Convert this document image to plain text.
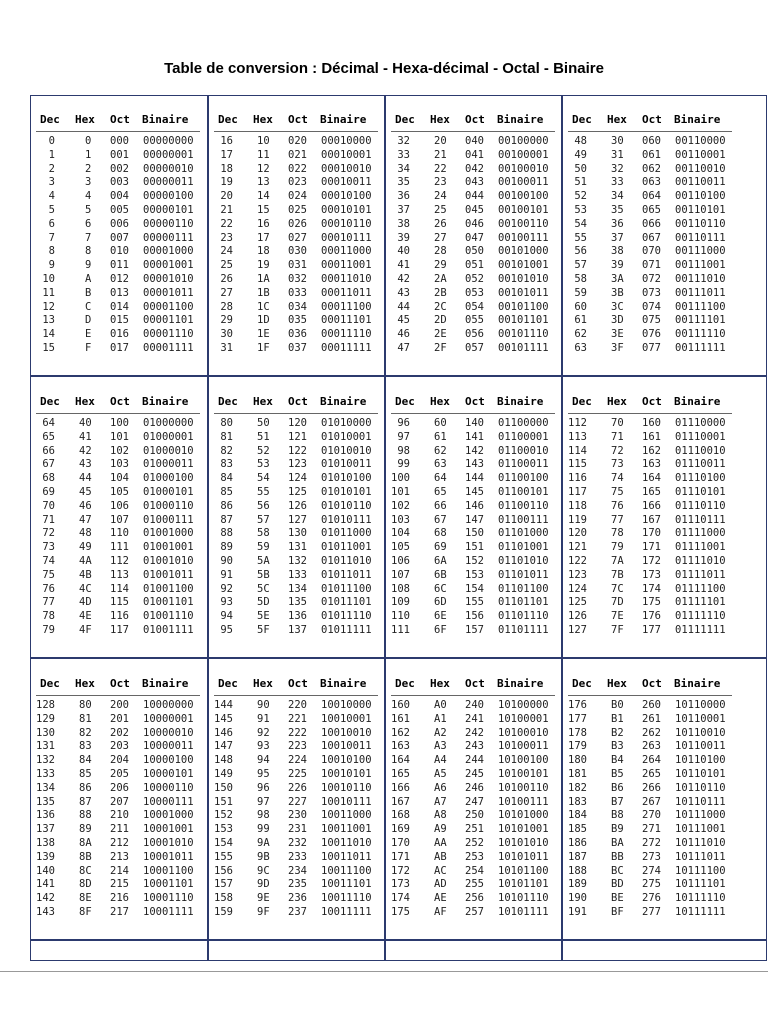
Table de conversion : Décimal - Hexa-décimal - Octal - Binaire
Dec Hex Oct Binaire
0	0 000 00000000
1	1 001 00000001
2	2 002 00000010
3	3 003 00000011
4	4 004 00000100
5	5 005 00000101
6	6 006 00000110
7	7 007 00000111
8	8 010 00001000
9	9 011 00001001
10	A 012 00001010
11	B 013 00001011
12	C 014 00001100
13	D 015 00001101
14	E 016 00001110
15	F 017 00001111
Dec Hex Oct Binaire
16 10 020 00010000
17 11 021 00010001
18 12 022 00010010
19 13 023 00010011
20 14 024 00010100
21 15 025 00010101
22 16 026 00010110
23 17 027 00010111
24 18 030 00011000
25 19 031 00011001
26 1A 032 00011010
27 1B 033 00011011
28 1C 034 00011100
29 1D 035 00011101
30 1E 036 00011110
31 1F 037 00011111
Dec Hex Oct Binaire
32 20 040 00100000
33 21 041 00100001
34 22 042 00100010
35 23 043 00100011
36 24 044 00100100
37 25 045 00100101
38 26 046 00100110
39 27 047 00100111
40 28 050 00101000
41 29 051 00101001
42 2A 052 00101010
43 2B 053 00101011
44 2C 054 00101100
45 2D 055 00101101
46 2E 056 00101110
47 2F 057 00101111
Dec Hex Oct Binaire
48 30 060 00110000
49 31 061 00110001
50 32 062 00110010
51 33 063 00110011
52 34 064 00110100
53 35 065 00110101
54 36 066 00110110
55 37 067 00110111
56 38 070 00111000
57 39 071 00111001
58 3A 072 00111010
59 3B 073 00111011
60 3C 074 00111100
61 3D 075 00111101
62 3E 076 00111110
63 3F 077 00111111
Dec Hex Oct Binaire
64 40 100 01000000
65 41 101 01000001
66 42 102 01000010
67 43 103 01000011
68 44 104 01000100
69 45 105 01000101
70 46 106 01000110
71 47 107 01000111
72 48 110 01001000
73 49 111 01001001
74 4A 112 01001010
75 4B 113 01001011
76 4C 114 01001100
77 4D 115 01001101
78 4E 116 01001110
79 4F 117 01001111
Dec Hex Oct Binaire
80 50 120 01010000
81 51 121 01010001
82 52 122 01010010
83 53 123 01010011
84 54 124 01010100
85 55 125 01010101
86 56 126 01010110
87 57 127 01010111
88 58 130 01011000
89 59 131 01011001
90 5A 132 01011010
91 5B 133 01011011
92 5C 134 01011100
93 5D 135 01011101
94 5E 136 01011110
95 5F 137 01011111
Dec Hex Oct Binaire
96 60 140 01100000
97 61 141 01100001
98 62 142 01100010
99 63 143 01100011
100 64 144 01100100
101 65 145 01100101
102 66 146 01100110
103 67 147 01100111
104 68 150 01101000
105 69 151 01101001
106 6A 152 01101010
107 6B 153 01101011
108 6C 154 01101100
109 6D 155 01101101
110 6E 156 01101110
111 6F 157 01101111
Dec Hex Oct Binaire
112 70 160 01110000
113 71 161 01110001
114 72 162 01110010
115 73 163 01110011
116 74 164 01110100
117 75 165 01110101
118 76 166 01110110
119 77 167 01110111
120 78 170 01111000
121 79 171 01111001
122 7A 172 01111010
123 7B 173 01111011
124 7C 174 01111100
125 7D 175 01111101
126 7E 176 01111110
127 7F 177 01111111
Dec Hex Oct Binaire
128 80 200 10000000
129 81 201 10000001
130 82 202 10000010
131 83 203 10000011
132 84 204 10000100
133 85 205 10000101
134 86 206 10000110
135 87 207 10000111
136 88 210 10001000
137 89 211 10001001
138 8A 212 10001010
139 8B 213 10001011
140 8C 214 10001100
141 8D 215 10001101
142 8E 216 10001110
143 8F 217 10001111
Dec Hex Oct Binaire
144 90 220 10010000
145 91 221 10010001
146 92 222 10010010
147 93 223 10010011
148 94 224 10010100
149 95 225 10010101
150 96 226 10010110
151 97 227 10010111
152 98 230 10011000
153 99 231 10011001
154 9A 232 10011010
155 9B 233 10011011
156 9C 234 10011100
157 9D 235 10011101
158 9E 236 10011110
159 9F 237 10011111
Dec Hex Oct Binaire
160 A0 240 10100000
161 A1 241 10100001
162 A2 242 10100010
163 A3 243 10100011
164 A4 244 10100100
165 A5 245 10100101
166 A6 246 10100110
167 A7 247 10100111
168 A8 250 10101000
169 A9 251 10101001
170 AA 252 10101010
171 AB 253 10101011
172 AC 254 10101100
173 AD 255 10101101
174 AE 256 10101110
175 AF 257 10101111
Dec Hex Oct Binaire
176 B0 260 10110000
177 B1 261 10110001
178 B2 262 10110010
179 B3 263 10110011
180 B4 264 10110100
181 B5 265 10110101
182 B6 266 10110110
183 B7 267 10110111
184 B8 270 10111000
185 B9 271 10111001
186 BA 272 10111010
187 BB 273 10111011
188 BC 274 10111100
189 BD 275 10111101
190 BE 276 10111110
191 BF 277 10111111
